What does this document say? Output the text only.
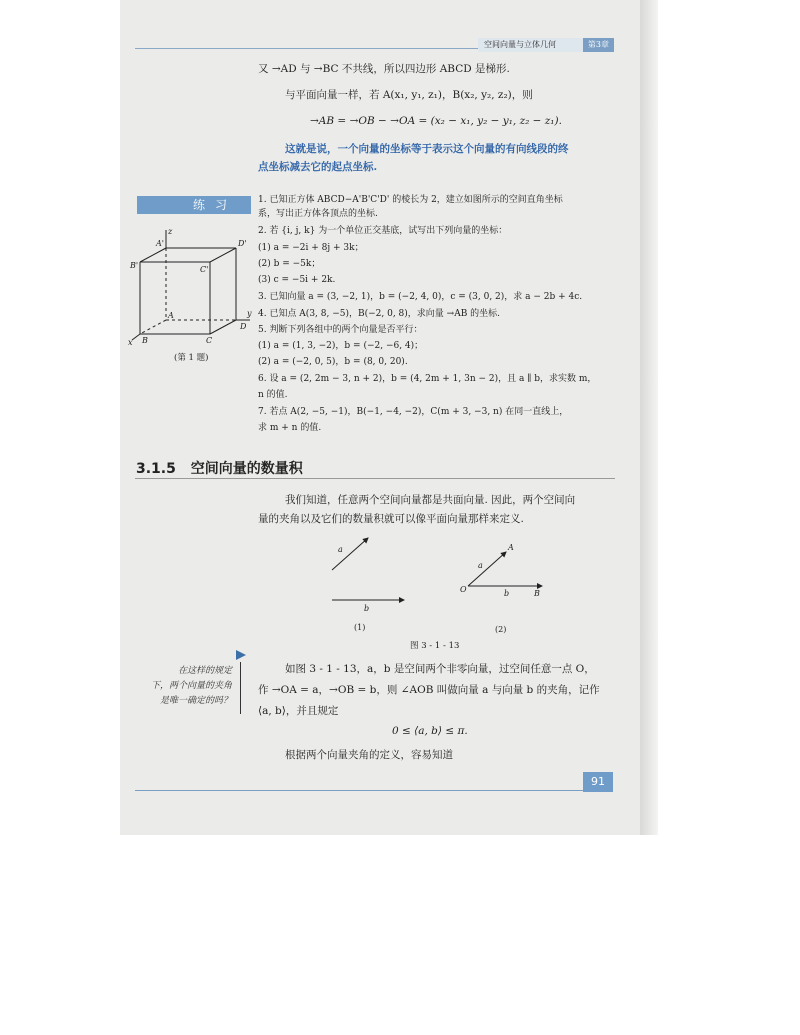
空间向量与立体几何	第3章
又 →AD 与 →BC 不共线，所以四边形 ABCD 是梯形.
与平面向量一样，若 A(x₁, y₁, z₁)，B(x₂, y₂, z₂)，则
→AB = →OB − →OA = (x₂ − x₁, y₂ − y₁, z₂ − z₁).
这就是说，一个向量的坐标等于表示这个向量的有向线段的终
点坐标减去它的起点坐标.
练习
z
y
x
A'	D'
B'	C'
A
D
B	C
(第 1 题)
1. 已知正方体 ABCD−A'B'C'D' 的棱长为 2，建立如图所示的空间直角坐标
系，写出正方体各顶点的坐标.
2. 若 {i, j, k} 为一个单位正交基底，试写出下列向量的坐标：
(1) a = −2i + 8j + 3k；
(2) b = −5k；
(3) c = −5i + 2k.
3. 已知向量 a = (3, −2, 1)，b = (−2, 4, 0)，c = (3, 0, 2)，求 a − 2b + 4c.
4. 已知点 A(3, 8, −5)，B(−2, 0, 8)，求向量 →AB 的坐标.
5. 判断下列各组中的两个向量是否平行：
(1) a = (1, 3, −2)，b = (−2, −6, 4)；
(2) a = (−2, 0, 5)，b = (8, 0, 20).
6. 设 a = (2, 2m − 3, n + 2)，b = (4, 2m + 1, 3n − 2)，且 a ∥ b，求实数 m，
n 的值.
7. 若点 A(2, −5, −1)，B(−1, −4, −2)，C(m + 3, −3, n) 在同一直线上，
求 m + n 的值.
3.1.5 空间向量的数量积
我们知道，任意两个空间向量都是共面向量. 因此，两个空间向
量的夹角以及它们的数量积就可以像平面向量那样来定义.
a
b
a
b
A
O	B
(1)	(2)
图 3 - 1 - 13
在这样的规定
下，两个向量的夹角
是唯一确定的吗？
如图 3 - 1 - 13，a，b 是空间两个非零向量，过空间任意一点 O，
作 →OA = a，→OB = b，则 ∠AOB 叫做向量 a 与向量 b 的夹角，记作
⟨a, b⟩，并且规定
0 ≤ ⟨a, b⟩ ≤ π.
根据两个向量夹角的定义，容易知道
91
